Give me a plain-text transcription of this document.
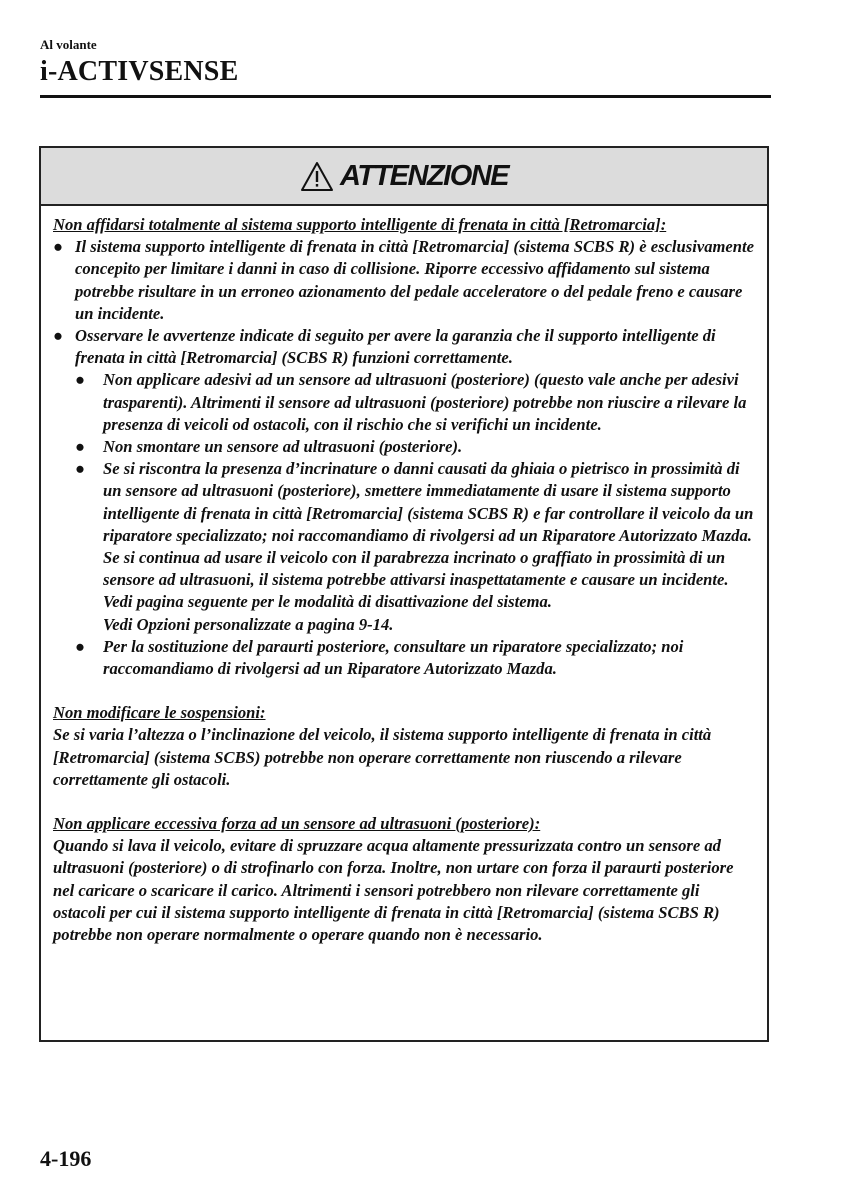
Al volante
i-ACTIVSENSE
ATTENZIONE
Non affidarsi totalmente al sistema supporto intelligente di frenata in città [Retromarcia]:
● Il sistema supporto intelligente di frenata in città [Retromarcia] (sistema SCBS R) è esclusivamente concepito per limitare i danni in caso di collisione. Riporre eccessivo affidamento sul sistema potrebbe risultare in un erroneo azionamento del pedale acceleratore o del pedale freno e causare un incidente.
● Osservare le avvertenze indicate di seguito per avere la garanzia che il supporto intelligente di frenata in città [Retromarcia] (SCBS R) funzioni correttamente.
●	Non applicare adesivi ad un sensore ad ultrasuoni (posteriore) (questo vale anche per adesivi trasparenti). Altrimenti il sensore ad ultrasuoni (posteriore) potrebbe non riuscire a rilevare la presenza di veicoli od ostacoli, con il rischio che si verifichi un incidente.
●	Non smontare un sensore ad ultrasuoni (posteriore).
●	Se si riscontra la presenza d’incrinature o danni causati da ghiaia o pietrisco in prossimità di un sensore ad ultrasuoni (posteriore), smettere immediatamente di usare il sistema supporto intelligente di frenata in città [Retromarcia] (sistema SCBS R) e far controllare il veicolo da un riparatore specializzato; noi raccomandiamo di rivolgersi ad un Riparatore Autorizzato Mazda. Se si continua ad usare il veicolo con il parabrezza incrinato o graffiato in prossimità di un sensore ad ultrasuoni, il sistema potrebbe attivarsi inaspettatamente e causare un incidente.
Vedi pagina seguente per le modalità di disattivazione del sistema.
Vedi Opzioni personalizzate a pagina 9-14.
●	Per la sostituzione del paraurti posteriore, consultare un riparatore specializzato; noi raccomandiamo di rivolgersi ad un Riparatore Autorizzato Mazda.
Non modificare le sospensioni:
Se si varia l’altezza o l’inclinazione del veicolo, il sistema supporto intelligente di frenata in città [Retromarcia] (sistema SCBS) potrebbe non operare correttamente non riuscendo a rilevare correttamente gli ostacoli.
Non applicare eccessiva forza ad un sensore ad ultrasuoni (posteriore):
Quando si lava il veicolo, evitare di spruzzare acqua altamente pressurizzata contro un sensore ad ultrasuoni (posteriore) o di strofinarlo con forza. Inoltre, non urtare con forza il paraurti posteriore nel caricare o scaricare il carico. Altrimenti i sensori potrebbero non rilevare correttamente gli ostacoli per cui il sistema supporto intelligente di frenata in città [Retromarcia] (sistema SCBS R) potrebbe non operare normalmente o operare quando non è necessario.
4-196
